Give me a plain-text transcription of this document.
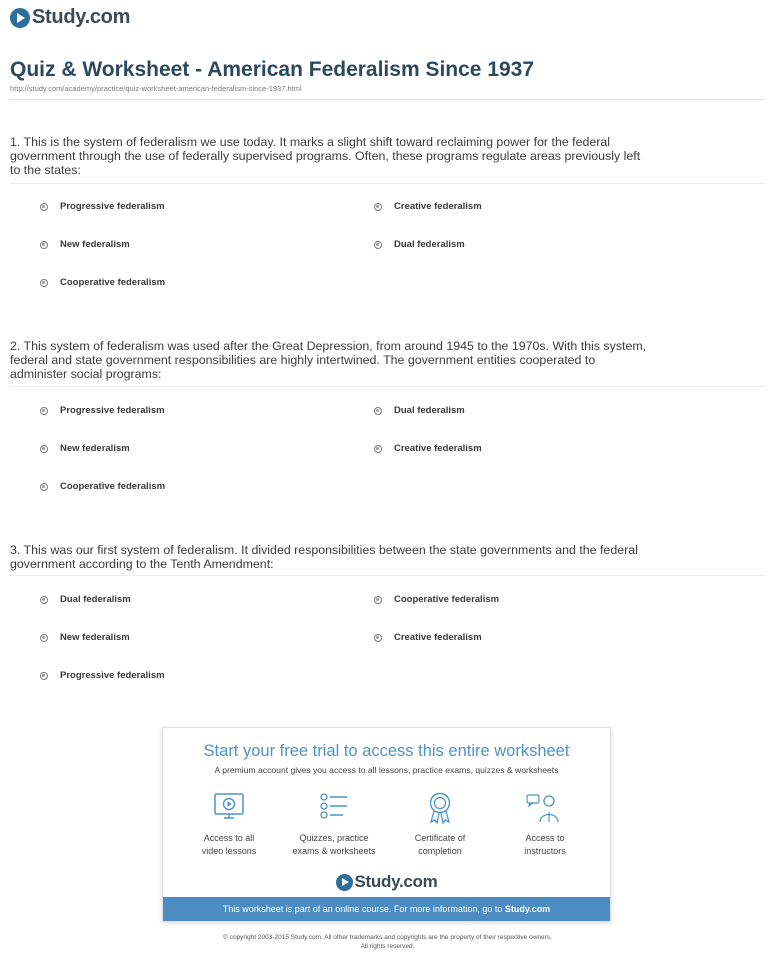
Study.com
Quiz & Worksheet - American Federalism Since 1937
http://study.com/academy/practice/quiz-worksheet-american-federalism-since-1937.html
1. This is the system of federalism we use today. It marks a slight shift toward reclaiming power for the federal government through the use of federally supervised programs. Often, these programs regulate areas previously left to the states:
Progressive federalism	Creative federalism
New federalism	Dual federalism
Cooperative federalism
2. This system of federalism was used after the Great Depression, from around 1945 to the 1970s. With this system, federal and state government responsibilities are highly intertwined. The government entities cooperated to administer social programs:
Progressive federalism	Dual federalism
New federalism	Creative federalism
Cooperative federalism
3. This was our first system of federalism. It divided responsibilities between the state governments and the federal government according to the Tenth Amendment:
Dual federalism	Cooperative federalism
New federalism	Creative federalism
Progressive federalism
Start your free trial to access this entire worksheet
A premium account gives you access to all lessons, practice exams, quizzes & worksheets
Access to all
video lessons
Quizzes, practice
exams & worksheets
Certificate of
completion
Access to
instructors
Study.com
This worksheet is part of an online course. For more information, go to Study.com
© copyright 2003-2015 Study.com. All other trademarks and copyrights are the property of their respective owners.
All rights reserved.
